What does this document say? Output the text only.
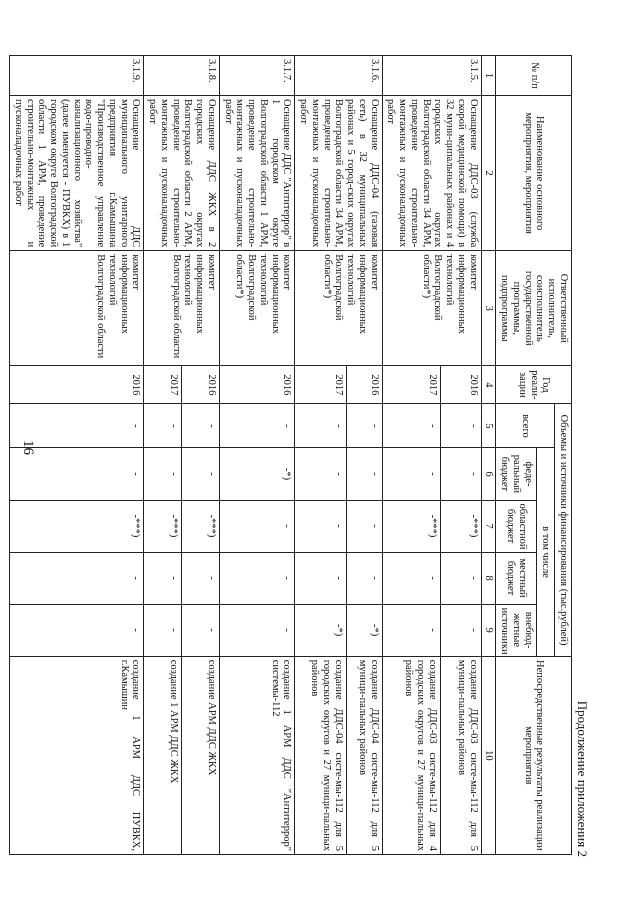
16
Продолжение приложения 2
№ п/п	Наименование основного мероприятия, мероприятия	Ответственный исполнитель, соисполнитель государственной программы, подпрограммы	Год реали-зации	Объемы и источники финансирования (тыс.рублей)					Непосредственные результаты реализации мероприятия
				всего	в том числе				
					феде-ральный бюджет	областной бюджет	местный бюджет	внебюд-жетные источники	
1	2	3	4	5	6	7	8	9	10
3.1.5.	Оснащение ДДС-03 (служба скорой медицинской помощи) в 32 муни-ципальных районах и 4 городских округах Волгоградской области 34 АРМ, проведение строительно-монтажных и пусконаладочных работ	комитет информационных технологий Волгоградской области*)	2016	-	-	-***)	-	-	создание ДДС-03 систе-мы-112 для 5 муници-пальных районов
			2017	-	-	-***)	-	-	создание ДДС-03 систе-мы-112 для 4 городских округов и 27 муници-пальных районов
3.1.6.	Оснащение ДДС-04 (газовая сеть) в 32 муниципальных районах и 5 город-ских округах Волгоградской области 34 АРМ, проведение строительно-монтажных и пусконаладочных работ	комитет информационных технологий Волгоградской области*)	2016	-	-	-	-	-*)	создание ДДС-04 систе-мы-112 для 5 муници-пальных районов
			2017	-	-	-	-	-*)	создание ДДС-04 систе-мы-112 для 5 городских округов и 27 муници-пальных районов
3.1.7.	Оснащение ДДС "Антитеррор" в 1 городском округе Волгоградской области 1 АРМ, проведение строительно-монтажных и пусконаладочных работ	комитет информационных технологий Волгоградской области*)	2016	-	-*)	-	-	-	создание 1 АРМ ДДС "Антитеррор" системы-112
3.1.8.	Оснащение ДДС ЖКХ в 2 городских округах Волгоградской области 2 АРМ, проведение строительно-монтажных и пусконаладочных работ	комитет информационных технологий Волгоградской области	2016	-	-	-***)	-	-	создание АРМ ДДС ЖКХ
			2017	-	-	-***)	-	-	создание 1 АРМ ДДС ЖКХ
3.1.9.	Оснащение ДДС муниципального унитарного предприятия г.Камышина "Производственное управление водо-проводно-канализационного хозяйства" (далее именуется - ПУВКХ) в 1 городском округе Волгоградской области 1 АРМ, проведение строительно-монтажных и пусконаладочных работ	комитет информационных технологий Волгоградской области	2016	-	-	-***)	-	-	создание 1 АРМ ДДС ПУВКХ, г.Камышин
